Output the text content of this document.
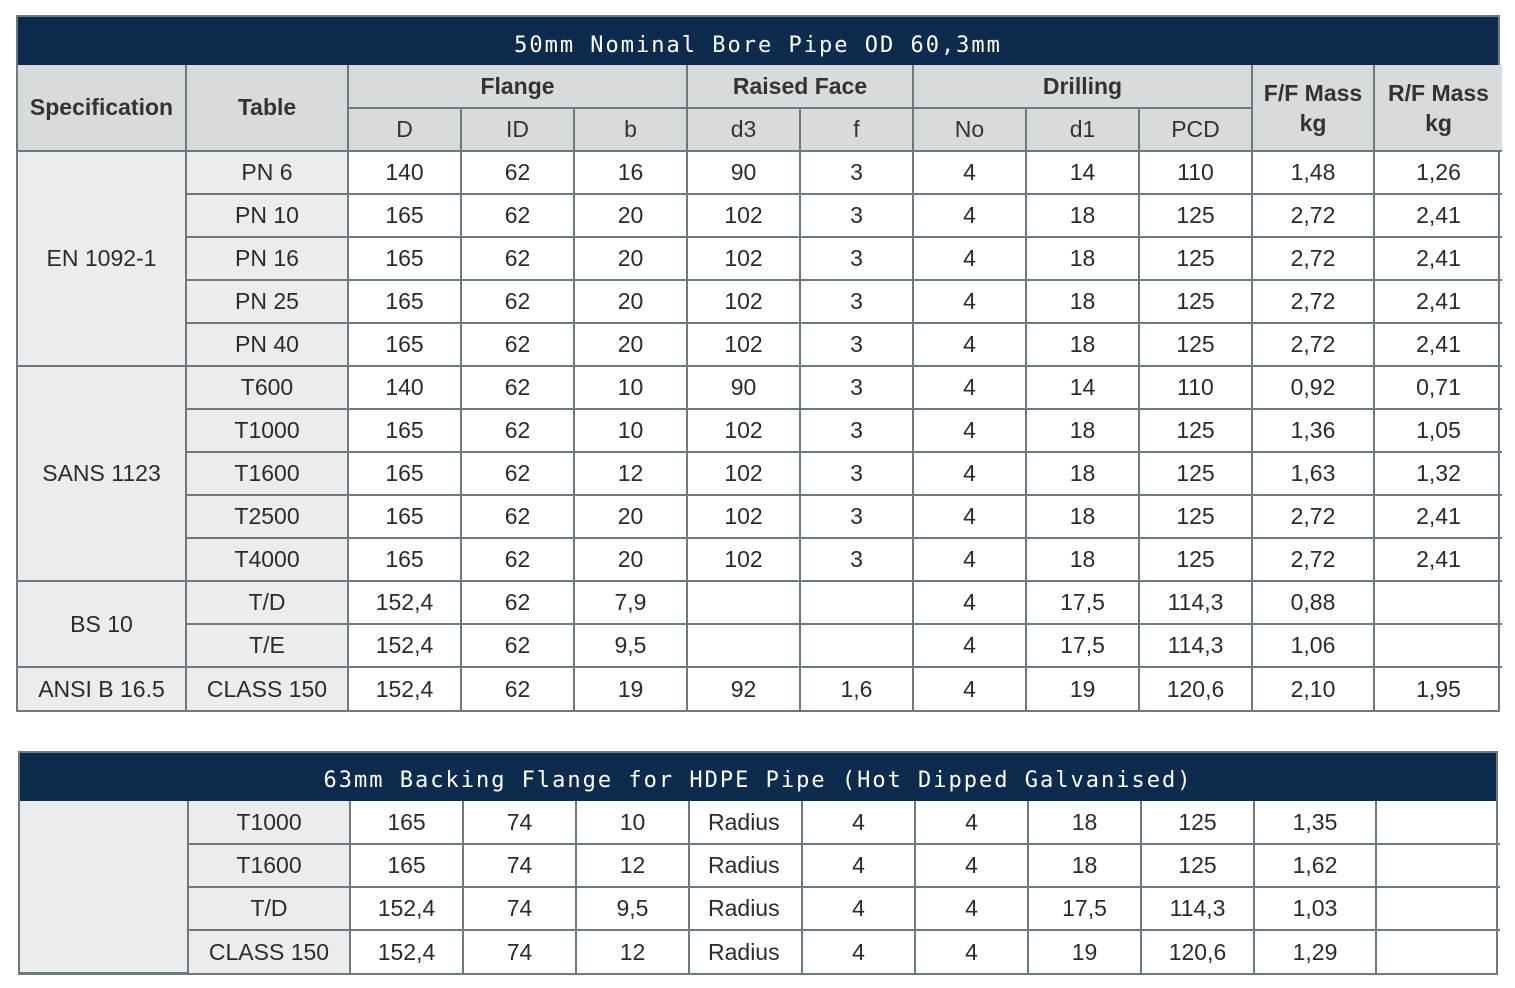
50mm Nominal Bore Pipe OD 60,3mm
Specification	Table	Flange			Raised Face		Drilling			F/F Mass kg	R/F Mass kg
		D	ID	b	d3	f	No	d1	PCD		
EN 1092-1	PN 6	140	62	16	90	3	4	14	110	1,48	1,26
	PN 10	165	62	20	102	3	4	18	125	2,72	2,41
	PN 16	165	62	20	102	3	4	18	125	2,72	2,41
	PN 25	165	62	20	102	3	4	18	125	2,72	2,41
	PN 40	165	62	20	102	3	4	18	125	2,72	2,41
SANS 1123	T600	140	62	10	90	3	4	14	110	0,92	0,71
	T1000	165	62	10	102	3	4	18	125	1,36	1,05
	T1600	165	62	12	102	3	4	18	125	1,63	1,32
	T2500	165	62	20	102	3	4	18	125	2,72	2,41
	T4000	165	62	20	102	3	4	18	125	2,72	2,41
BS 10	T/D	152,4	62	7,9			4	17,5	114,3	0,88	
	T/E	152,4	62	9,5			4	17,5	114,3	1,06	
ANSI B 16.5	CLASS 150	152,4	62	19	92	1,6	4	19	120,6	2,10	1,95
63mm Backing Flange for HDPE Pipe (Hot Dipped Galvanised)
	T1000	165	74	10	Radius	4	4	18	125	1,35	
	T1600	165	74	12	Radius	4	4	18	125	1,62	
	T/D	152,4	74	9,5	Radius	4	4	17,5	114,3	1,03	
	CLASS 150	152,4	74	12	Radius	4	4	19	120,6	1,29	
